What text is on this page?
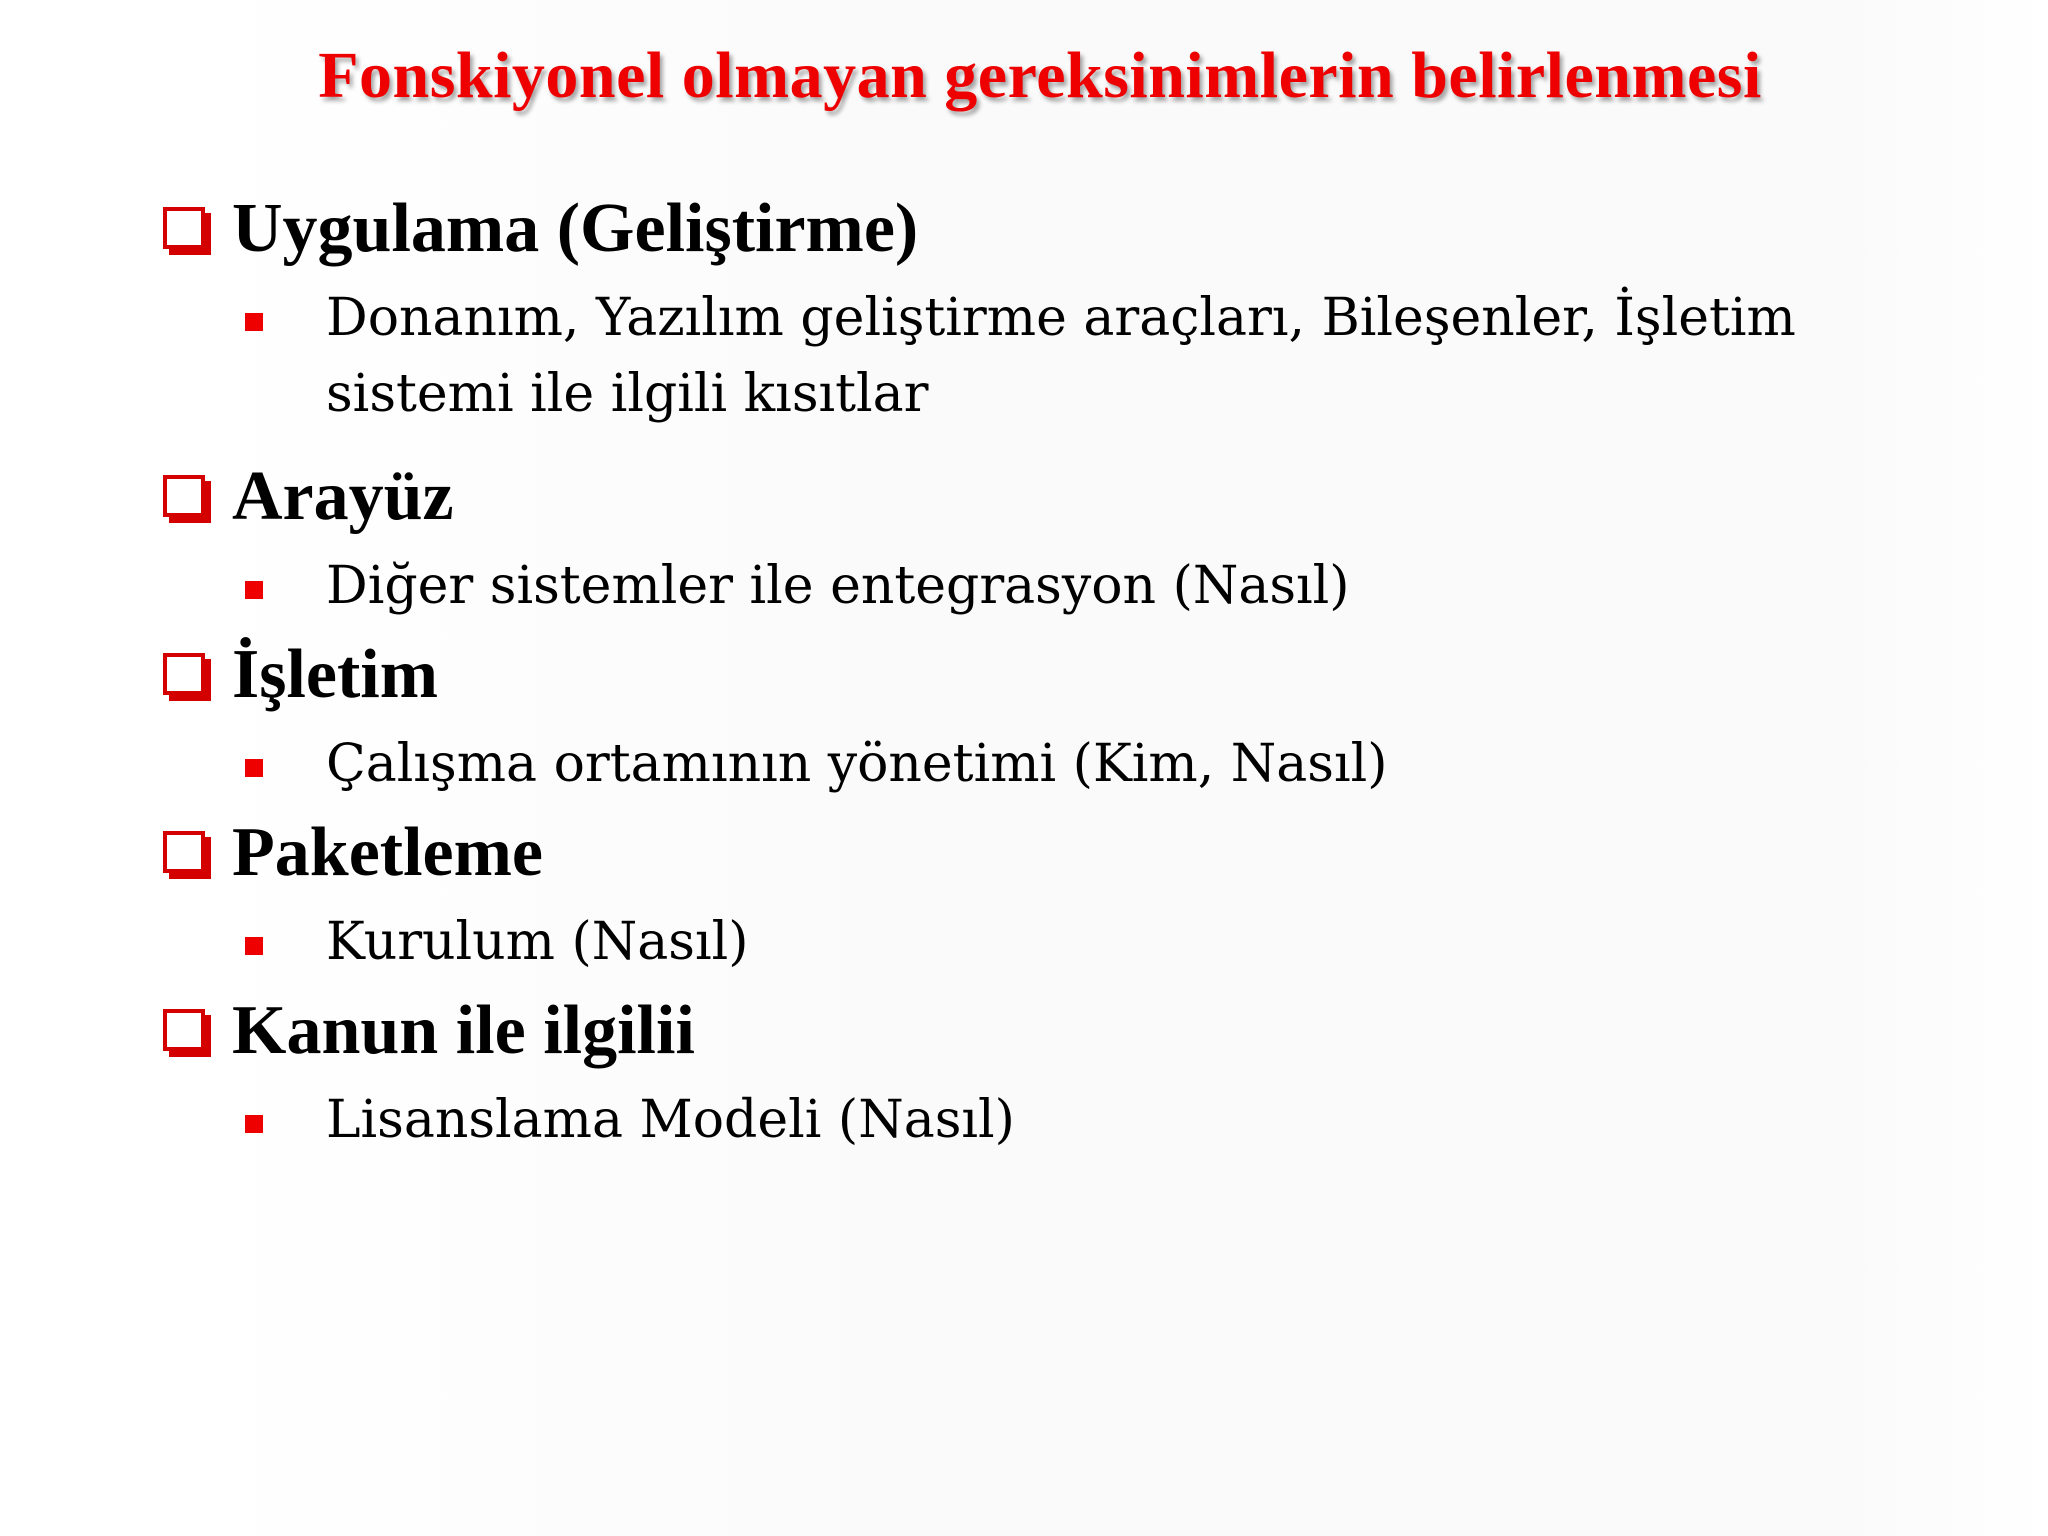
Fonskiyonel olmayan gereksinimlerin belirlenmesi
Uygulama (Geliştirme)
Donanım, Yazılım geliştirme araçları, Bileşenler, İşletim sistemi ile ilgili kısıtlar
Arayüz
Diğer sistemler ile entegrasyon (Nasıl)
İşletim
Çalışma ortamının yönetimi (Kim, Nasıl)
Paketleme
Kurulum (Nasıl)
Kanun ile ilgilii
Lisanslama Modeli (Nasıl)
